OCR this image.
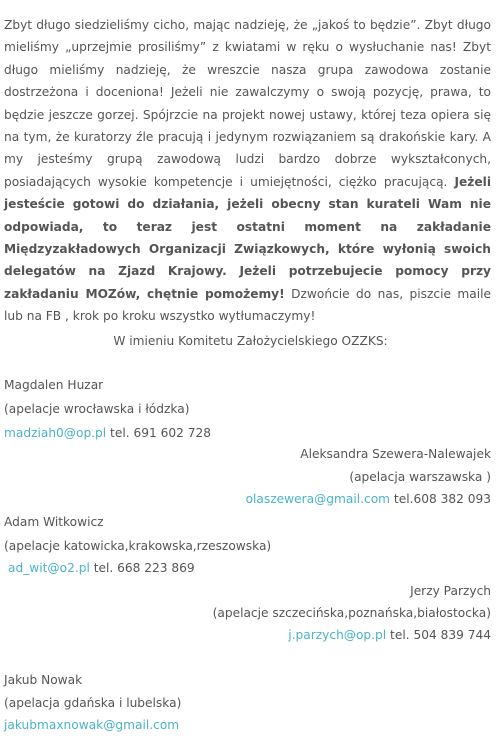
Zbyt długo siedzieliśmy cicho, mając nadzieję, że „jakoś to będzie”. Zbyt długo mieliśmy „uprzejmie prosiliśmy” z kwiatami w ręku o wysłuchanie nas! Zbyt długo mieliśmy nadzieję, że wreszcie nasza grupa zawodowa zostanie dostrzeżona i doceniona! Jeżeli nie zawalczymy o swoją pozycję, prawa, to będzie jeszcze gorzej. Spójrzcie na projekt nowej ustawy, której teza opiera się na tym, że kuratorzy źle pracują i jedynym rozwiązaniem są drakońskie kary. A my jesteśmy grupą zawodową ludzi bardzo dobrze wykształconych, posiadających wysokie kompetencje i umiejętności, ciężko pracującą. Jeżeli jesteście gotowi do działania, jeżeli obecny stan kurateli Wam nie odpowiada, to teraz jest ostatni moment na zakładanie Międzyzakładowych Organizacji Związkowych, które wyłonią swoich delegatów na Zjazd Krajowy. Jeżeli potrzebujecie pomocy przy zakładaniu MOZów, chętnie pomożemy! Dzwońcie do nas, piszcie maile lub na FB , krok po kroku wszystko wytłumaczymy!

W imieniu Komitetu Założycielskiego OZZKS:
Magdalen Huzar
(apelacje wrocławska i łódzka)
madziah0@op.pl tel. 691 602 728
Aleksandra Szewera-Nalewajek
(apelacja warszawska )
olaszewera@gmail.com tel.608 382 093
Adam Witkowicz
(apelacje katowicka,krakowska,rzeszowska)
ad_wit@o2.pl tel. 668 223 869
Jerzy Parzych
(apelacje szczecińska,poznańska,białostocka)
j.parzych@op.pl tel. 504 839 744
Jakub Nowak
(apelacja gdańska i lubelska)
jakubmaxnowak@gmail.com
